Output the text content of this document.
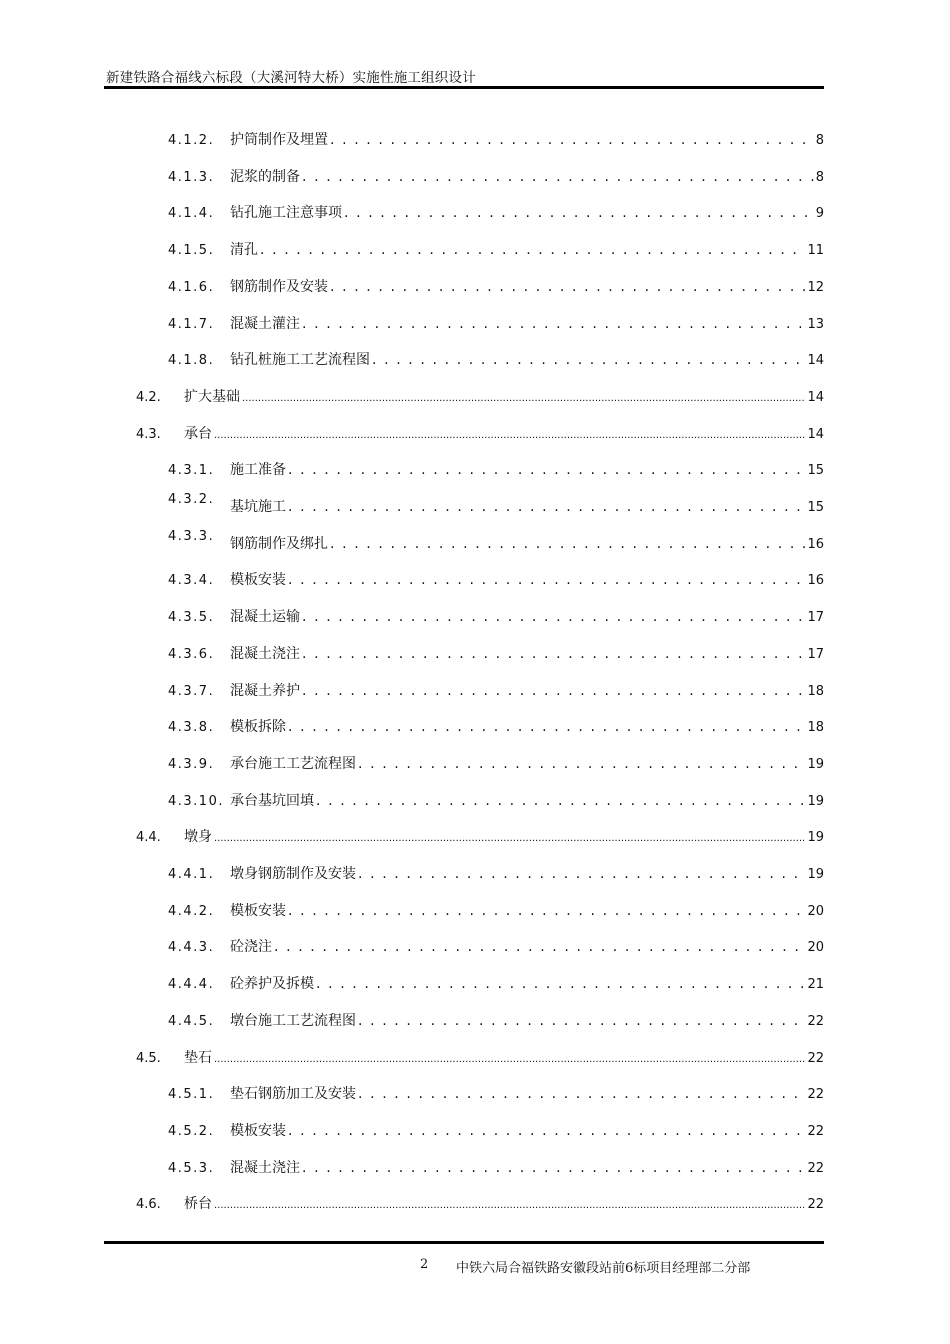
新建铁路合福线六标段（大溪河特大桥）实施性施工组织设计
4.1.2.	护筒制作及埋置 . . .	8
4.1.3.	泥浆的制备 . . .	8
4.1.4.	钻孔施工注意事项 . . .	9
4.1.5.	清孔 . . .	11
4.1.6.	钢筋制作及安装 . . .	12
4.1.7.	混凝土灌注 . . .	13
4.1.8.	钻孔桩施工工艺流程图 . . .	14
4.2.	扩大基础 .....	14
4.3.	承台 .....	14
4.3.1.	施工准备 . . .	15
4.3.2.	基坑施工 . . .	15
4.3.3.	钢筋制作及绑扎 . . .	16
4.3.4.	模板安装 . . .	16
4.3.5.	混凝土运输 . . .	17
4.3.6.	混凝土浇注 . . .	17
4.3.7.	混凝土养护 . . .	18
4.3.8.	模板拆除 . . .	18
4.3.9.	承台施工工艺流程图 . . .	19
4.3.10. 承台基坑回填 . . .	19
4.4.	墩身 .....	19
4.4.1.	墩身钢筋制作及安装 . . .	19
4.4.2.	模板安装 . . .	20
4.4.3.	砼浇注 . . .	20
4.4.4.	砼养护及拆模 . . .	21
4.4.5.	墩台施工工艺流程图 . . .	22
4.5.	垫石 .....	22
4.5.1.	垫石钢筋加工及安装 . . .	22
4.5.2.	模板安装 . . .	22
4.5.3.	混凝土浇注 . . .	22
4.6.	桥台 .....	22
2 中铁六局合福铁路安徽段站前6标项目经理部二分部
